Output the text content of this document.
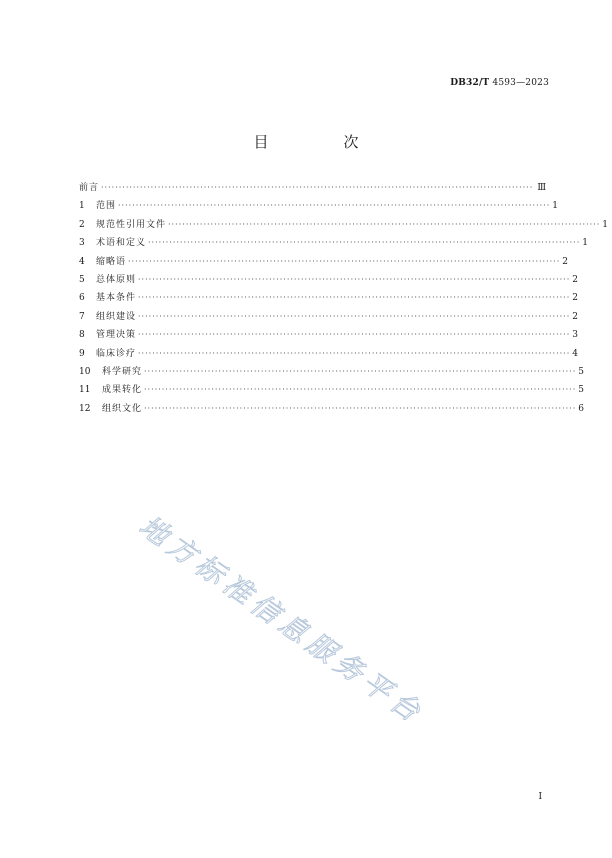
DB32/T 4593—2023
目　次
前言 ·························································································································· Ⅲ
1	范围 ·························································································································· 1
2	规范性引用文件 ·························································································································· 1
3	术语和定义 ·························································································································· 1
4	缩略语 ·························································································································· 2
5	总体原则 ·························································································································· 2
6	基本条件 ·························································································································· 2
7	组织建设 ·························································································································· 2
8	管理决策 ·························································································································· 3
9	临床诊疗 ·························································································································· 4
10	科学研究 ·························································································································· 5
11	成果转化 ·························································································································· 5
12	组织文化 ·························································································································· 6
地方标准信息服务平台
I
